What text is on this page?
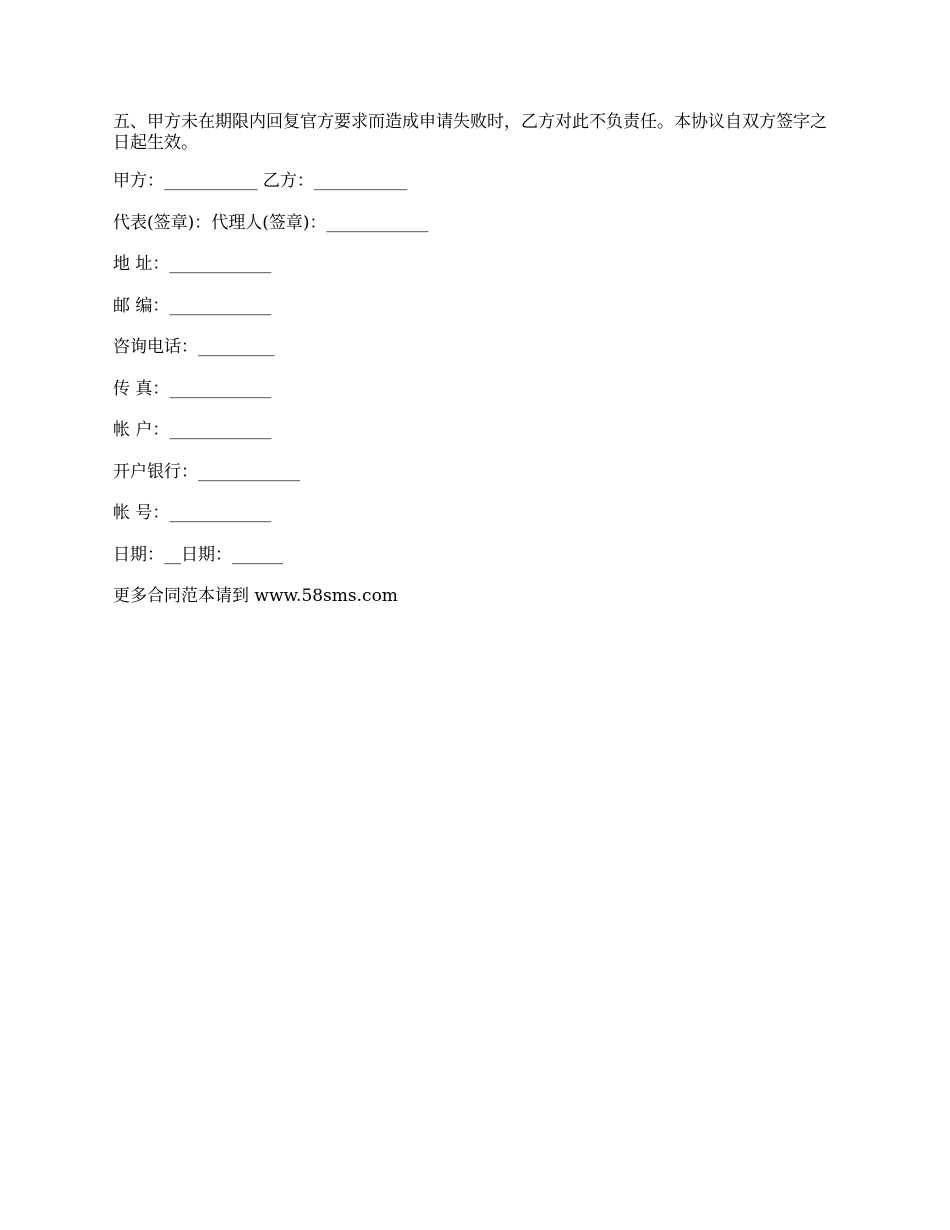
五、甲方未在期限内回复官方要求而造成申请失败时，乙方对此不负责任。本协议自双方签字之日起生效。

甲方：___________ 乙方：___________
代表(签章)：代理人(签章)：____________
地 址：____________
邮 编：____________
咨询电话：_________
传 真：____________
帐 户：____________
开户银行：____________
帐 号：____________
日期：__日期：______
更多合同范本请到 www.58sms.com
